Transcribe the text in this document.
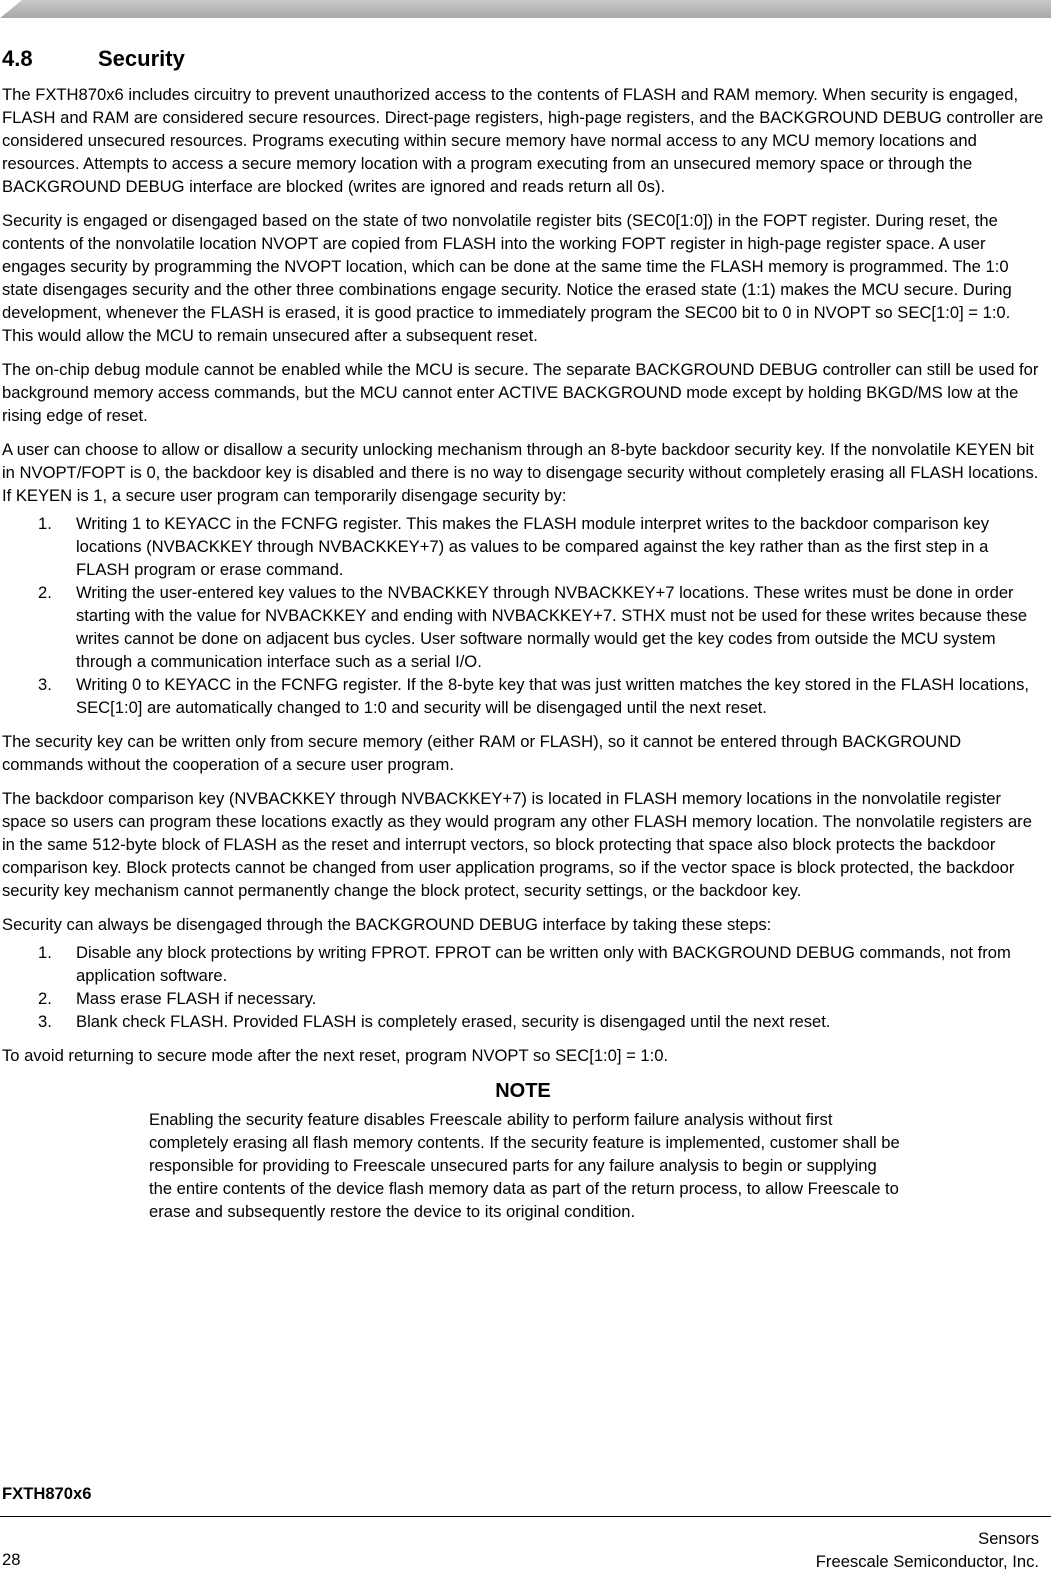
4.8	Security

The FXTH870x6 includes circuitry to prevent unauthorized access to the contents of FLASH and RAM memory. When security is engaged, FLASH and RAM are considered secure resources. Direct-page registers, high-page registers, and the BACKGROUND DEBUG controller are considered unsecured resources. Programs executing within secure memory have normal access to any MCU memory locations and resources. Attempts to access a secure memory location with a program executing from an unsecured memory space or through the BACKGROUND DEBUG interface are blocked (writes are ignored and reads return all 0s).

Security is engaged or disengaged based on the state of two nonvolatile register bits (SEC0[1:0]) in the FOPT register. During reset, the contents of the nonvolatile location NVOPT are copied from FLASH into the working FOPT register in high-page register space. A user engages security by programming the NVOPT location, which can be done at the same time the FLASH memory is programmed. The 1:0 state disengages security and the other three combinations engage security. Notice the erased state (1:1) makes the MCU secure. During development, whenever the FLASH is erased, it is good practice to immediately program the SEC00 bit to 0 in NVOPT so SEC[1:0] = 1:0. This would allow the MCU to remain unsecured after a subsequent reset.

The on-chip debug module cannot be enabled while the MCU is secure. The separate BACKGROUND DEBUG controller can still be used for background memory access commands, but the MCU cannot enter ACTIVE BACKGROUND mode except by holding BKGD/MS low at the rising edge of reset.

A user can choose to allow or disallow a security unlocking mechanism through an 8-byte backdoor security key. If the nonvolatile KEYEN bit in NVOPT/FOPT is 0, the backdoor key is disabled and there is no way to disengage security without completely erasing all FLASH locations. If KEYEN is 1, a secure user program can temporarily disengage security by:

1. Writing 1 to KEYACC in the FCNFG register. This makes the FLASH module interpret writes to the backdoor comparison key locations (NVBACKKEY through NVBACKKEY+7) as values to be compared against the key rather than as the first step in a FLASH program or erase command.
2. Writing the user-entered key values to the NVBACKKEY through NVBACKKEY+7 locations. These writes must be done in order starting with the value for NVBACKKEY and ending with NVBACKKEY+7. STHX must not be used for these writes because these writes cannot be done on adjacent bus cycles. User software normally would get the key codes from outside the MCU system through a communication interface such as a serial I/O.
3. Writing 0 to KEYACC in the FCNFG register. If the 8-byte key that was just written matches the key stored in the FLASH locations, SEC[1:0] are automatically changed to 1:0 and security will be disengaged until the next reset.

The security key can be written only from secure memory (either RAM or FLASH), so it cannot be entered through BACKGROUND commands without the cooperation of a secure user program.

The backdoor comparison key (NVBACKKEY through NVBACKKEY+7) is located in FLASH memory locations in the nonvolatile register space so users can program these locations exactly as they would program any other FLASH memory location. The nonvolatile registers are in the same 512-byte block of FLASH as the reset and interrupt vectors, so block protecting that space also block protects the backdoor comparison key. Block protects cannot be changed from user application programs, so if the vector space is block protected, the backdoor security key mechanism cannot permanently change the block protect, security settings, or the backdoor key.

Security can always be disengaged through the BACKGROUND DEBUG interface by taking these steps:

1. Disable any block protections by writing FPROT. FPROT can be written only with BACKGROUND DEBUG commands, not from application software.
2. Mass erase FLASH if necessary.
3. Blank check FLASH. Provided FLASH is completely erased, security is disengaged until the next reset.

To avoid returning to secure mode after the next reset, program NVOPT so SEC[1:0] = 1:0.

NOTE
Enabling the security feature disables Freescale ability to perform failure analysis without first completely erasing all flash memory contents. If the security feature is implemented, customer shall be responsible for providing to Freescale unsecured parts for any failure analysis to begin or supplying the entire contents of the device flash memory data as part of the return process, to allow Freescale to erase and subsequently restore the device to its original condition.
FXTH870x6
28
Sensors
Freescale Semiconductor, Inc.
